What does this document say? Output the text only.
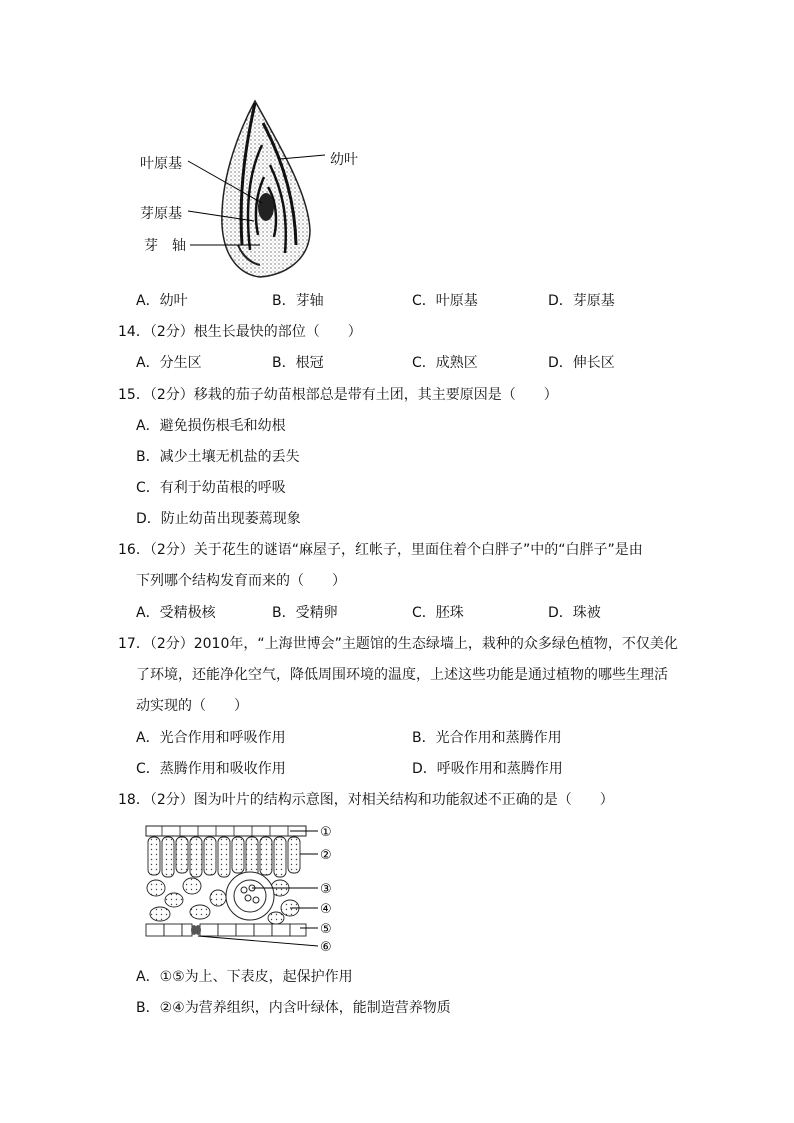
叶原基	幼叶
芽原基
芽　轴
A．幼叶	B．芽轴	C．叶原基	D．芽原基
14．（2分）根生长最快的部位（　　）
A．分生区	B．根冠	C．成熟区	D．伸长区
15．（2分）移栽的茄子幼苗根部总是带有土团，其主要原因是（　　）
A．避免损伤根毛和幼根
B．减少土壤无机盐的丢失
C．有利于幼苗根的呼吸
D．防止幼苗出现萎蔫现象
16．（2分）关于花生的谜语“麻屋子，红帐子，里面住着个白胖子”中的“白胖子”是由
下列哪个结构发育而来的（　　）
A．受精极核	B．受精卵	C．胚珠	D．珠被
17．（2分）2010年，“上海世博会”主题馆的生态绿墙上，栽种的众多绿色植物，不仅美化
了环境，还能净化空气，降低周围环境的温度，上述这些功能是通过植物的哪些生理活
动实现的（　　）
A．光合作用和呼吸作用	B．光合作用和蒸腾作用
C．蒸腾作用和吸收作用	D．呼吸作用和蒸腾作用
18．（2分）图为叶片的结构示意图，对相关结构和功能叙述不正确的是（　　）
①
②
③
④
⑤
⑥
A．①⑤为上、下表皮，起保护作用
B．②④为营养组织，内含叶绿体，能制造营养物质
